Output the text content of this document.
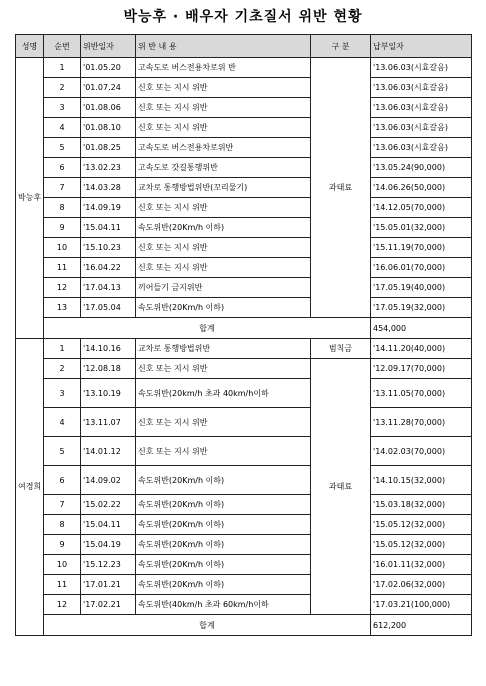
박능후 · 배우자 기초질서 위반 현황
성명	순번	위반일자	위 반 내 용	구 분	납부일자
박능후	1	'01.05.20	고속도로 버스전용차로위 반	과태료	'13.06.03(시효갈음)
	2	'01.07.24	신호 또는 지시 위반		'13.06.03(시효갈음)
	3	'01.08.06	신호 또는 지시 위반		'13.06.03(시효갈음)
	4	'01.08.10	신호 또는 지시 위반		'13.06.03(시효갈음)
	5	'01.08.25	고속도로 버스전용차로위반		'13.06.03(시효갈음)
	6	'13.02.23	고속도로 갓길통행위반		'13.05.24(90,000)
	7	'14.03.28	교차로 통행방법위반(꼬리물기)		'14.06.26(50,000)
	8	'14.09.19	신호 또는 지시 위반		'14.12.05(70,000)
	9	'15.04.11	속도위반(20Km/h 이하)		'15.05.01(32,000)
	10	'15.10.23	신호 또는 지시 위반		'15.11.19(70,000)
	11	'16.04.22	신호 또는 지시 위반		'16.06.01(70,000)
	12	'17.04.13	끼어들기 금지위반		'17.05.19(40,000)
	13	'17.05.04	속도위반(20Km/h 이하)		'17.05.19(32,000)
	합계				454,000
여경희	1	'14.10.16	교차로 통행방법위반	범칙금	'14.11.20(40,000)
	2	'12.08.18	신호 또는 지시 위반	과태료	'12.09.17(70,000)
	3	'13.10.19	속도위반(20km/h 초과 40km/h이하		'13.11.05(70,000)
	4	'13.11.07	신호 또는 지시 위반		'13.11.28(70,000)
	5	'14.01.12	신호 또는 지시 위반		'14.02.03(70,000)
	6	'14.09.02	속도위반(20Km/h 이하)		'14.10.15(32,000)
	7	'15.02.22	속도위반(20Km/h 이하)		'15.03.18(32,000)
	8	'15.04.11	속도위반(20Km/h 이하)		'15.05.12(32,000)
	9	'15.04.19	속도위반(20Km/h 이하)		'15.05.12(32,000)
	10	'15.12.23	속도위반(20Km/h 이하)		'16.01.11(32,000)
	11	'17.01.21	속도위반(20Km/h 이하)		'17.02.06(32,000)
	12	'17.02.21	속도위반(40km/h 초과 60km/h이하		'17.03.21(100,000)
	합계				612,200
